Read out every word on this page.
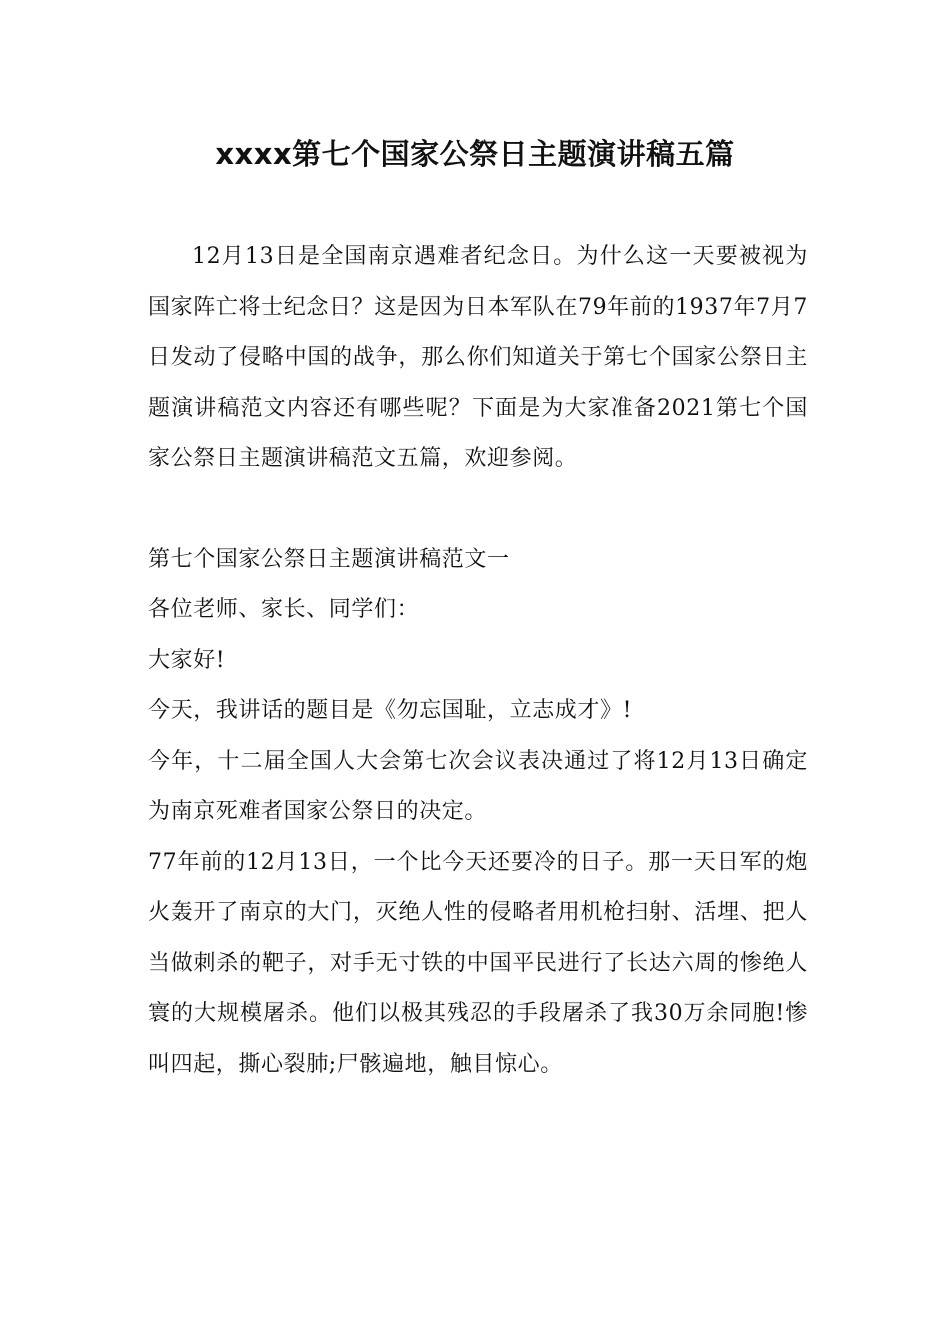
xxxx第七个国家公祭日主题演讲稿五篇

12月13日是全国南京遇难者纪念日。为什么这一天要被视为国家阵亡将士纪念日？这是因为日本军队在79年前的1937年7月7日发动了侵略中国的战争，那么你们知道关于第七个国家公祭日主题演讲稿范文内容还有哪些呢？下面是为大家准备2021第七个国家公祭日主题演讲稿范文五篇，欢迎参阅。

第七个国家公祭日主题演讲稿范文一

各位老师、家长、同学们：

大家好!

今天，我讲话的题目是《勿忘国耻，立志成才》!

今年，十二届全国人大会第七次会议表决通过了将12月13日确定为南京死难者国家公祭日的决定。

77年前的12月13日，一个比今天还要冷的日子。那一天日军的炮火轰开了南京的大门，灭绝人性的侵略者用机枪扫射、活埋、把人当做刺杀的靶子，对手无寸铁的中国平民进行了长达六周的惨绝人寰的大规模屠杀。他们以极其残忍的手段屠杀了我30万余同胞!惨叫四起，撕心裂肺;尸骸遍地，触目惊心。
